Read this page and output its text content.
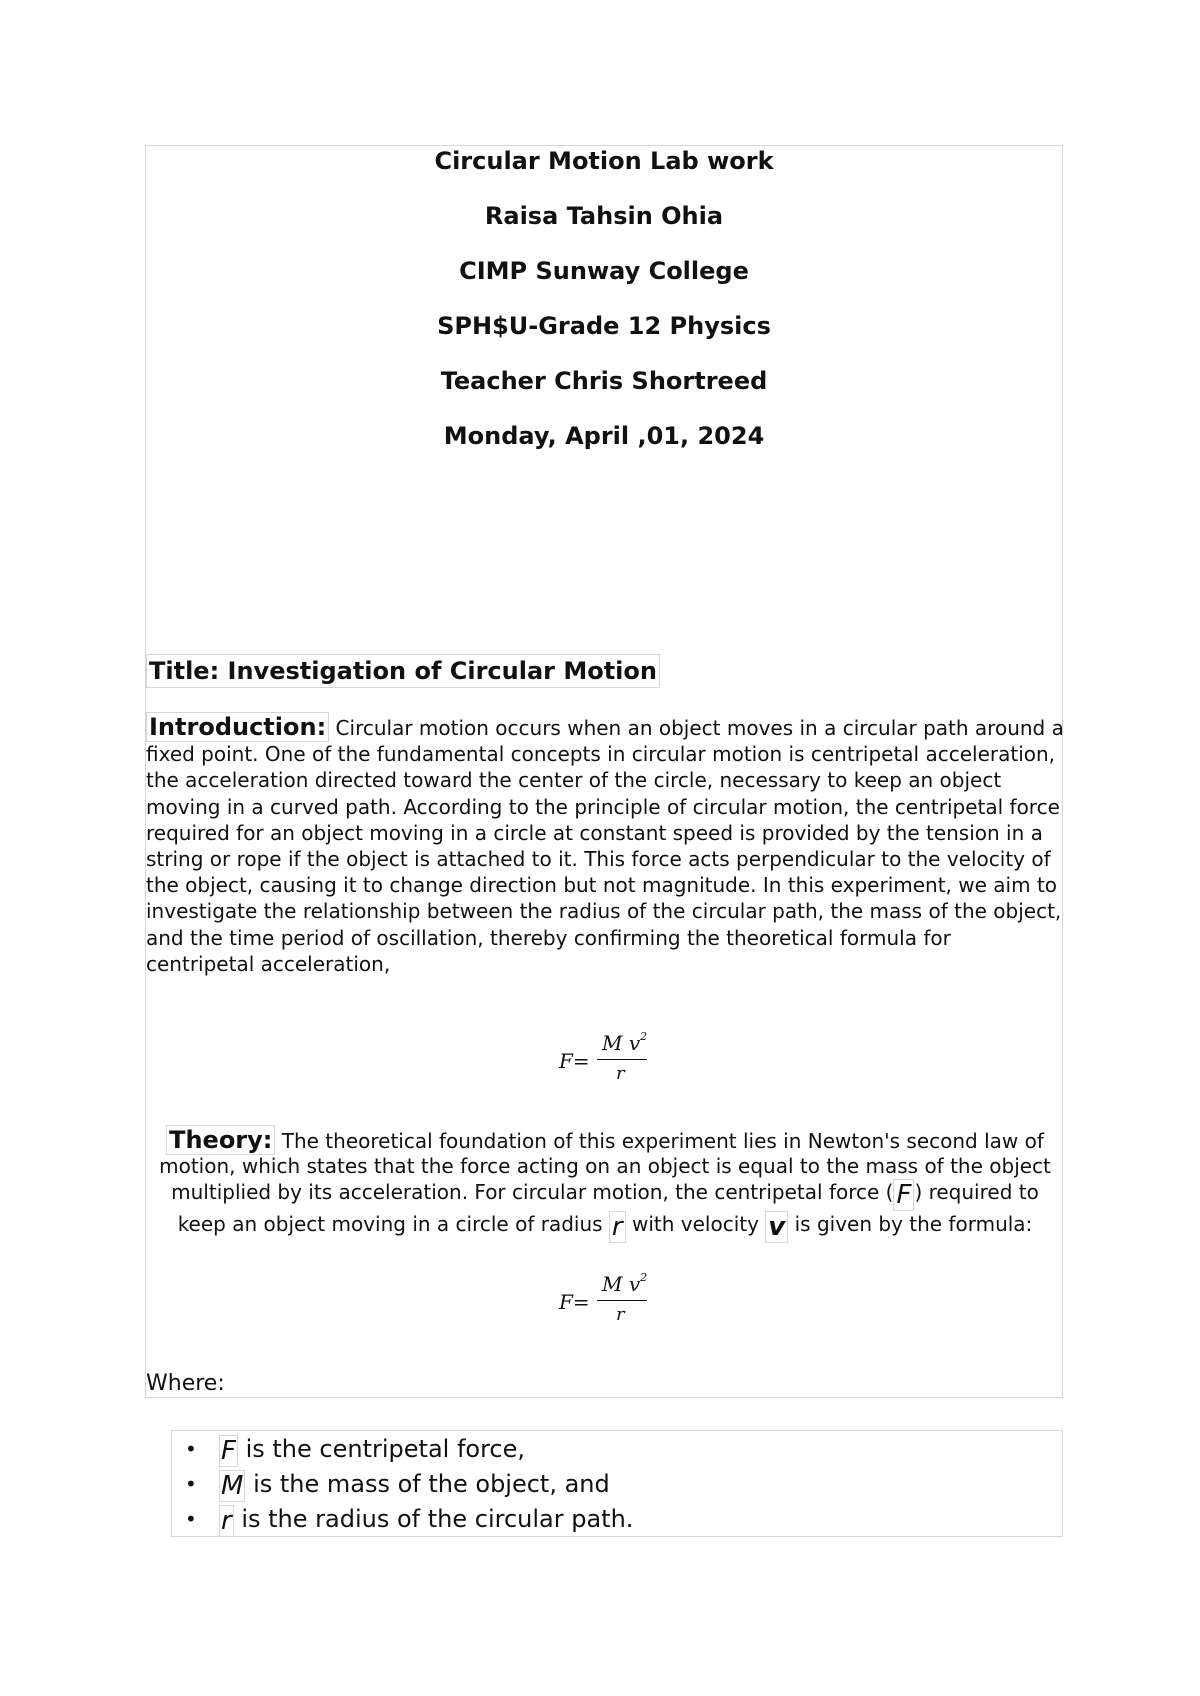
Circular Motion Lab work

Raisa Tahsin Ohia

CIMP Sunway College

SPH$U-Grade 12 Physics

Teacher Chris Shortreed

Monday, April ,01, 2024

Title: Investigation of Circular Motion

Introduction: Circular motion occurs when an object moves in a circular path around a fixed point. One of the fundamental concepts in circular motion is centripetal acceleration, the acceleration directed toward the center of the circle, necessary to keep an object moving in a curved path. According to the principle of circular motion, the centripetal force required for an object moving in a circle at constant speed is provided by the tension in a string or rope if the object is attached to it. This force acts perpendicular to the velocity of the object, causing it to change direction but not magnitude. In this experiment, we aim to investigate the relationship between the radius of the circular path, the mass of the object, and the time period of oscillation, thereby confirming the theoretical formula for centripetal acceleration,

F=
M $v^2$
r

Theory: The theoretical foundation of this experiment lies in Newton's second law of motion, which states that the force acting on an object is equal to the mass of the object multiplied by its acceleration. For circular motion, the centripetal force ( F ) required to keep an object moving in a circle of radius r with velocity v is given by the formula:

F=
M $v^2$
r

Where:

• F is the centripetal force,
• M is the mass of the object, and
• r is the radius of the circular path.
